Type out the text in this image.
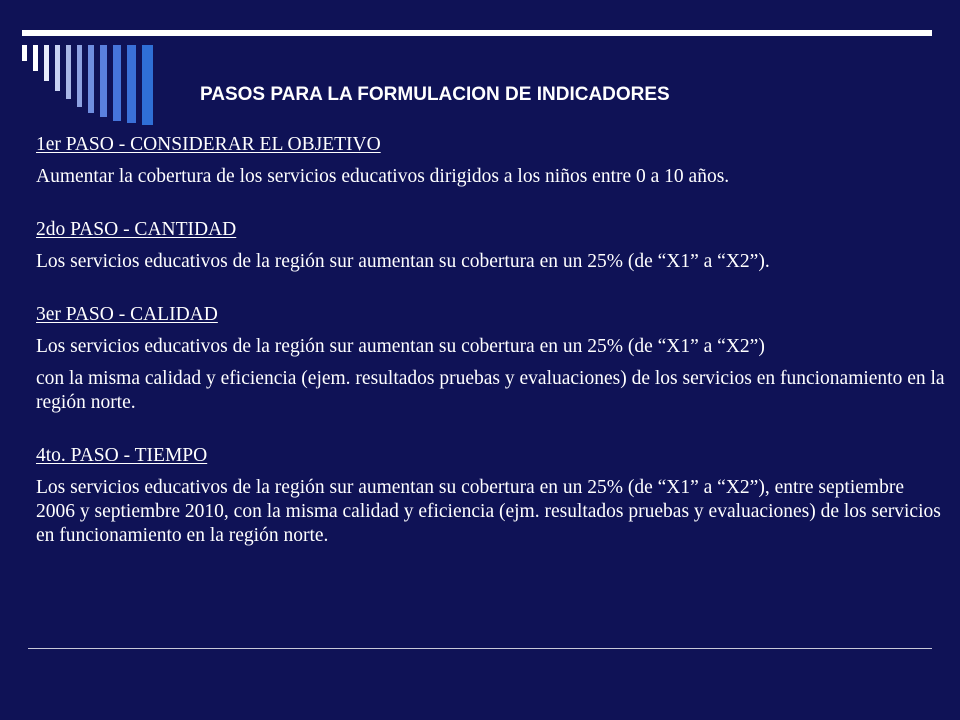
PASOS PARA LA FORMULACION DE INDICADORES
1er PASO - CONSIDERAR EL OBJETIVO
Aumentar la cobertura de los servicios educativos dirigidos a los niños entre 0 a 10 años.
2do PASO - CANTIDAD
Los servicios educativos de la región sur aumentan su cobertura en un 25% (de “X1” a “X2”).
3er PASO - CALIDAD
Los servicios educativos de la región sur aumentan su cobertura en un 25% (de “X1” a “X2”)
con la misma calidad y eficiencia (ejem. resultados pruebas y evaluaciones) de los servicios en funcionamiento en la región norte.
4to. PASO - TIEMPO
Los servicios educativos de la región sur aumentan su cobertura en un 25% (de “X1” a “X2”), entre septiembre 2006 y septiembre 2010, con la misma calidad y eficiencia (ejm. resultados pruebas y evaluaciones) de los servicios en funcionamiento en la región norte.
